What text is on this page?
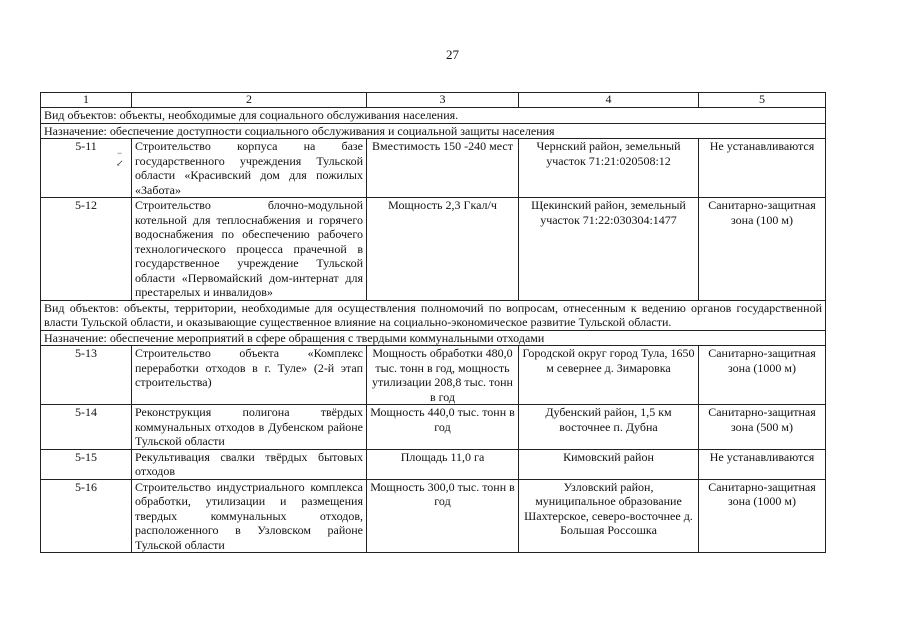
27
−
↙
1	2	3	4	5
Вид объектов: объекты, необходимые для социального обслуживания населения.				
Назначение: обеспечение доступности социального обслуживания и социальной защиты населения				
5-11	Строительство корпуса на базе государственного учреждения Тульской области «Красивский дом для пожилых «Забота»	Вместимость 150 -240 мест	Чернский район, земельный участок 71:21:020508:12	Не устанавливаются
5-12	Строительство блочно-модульной котельной для теплоснабжения и горячего водоснабжения по обеспечению рабочего технологического процесса прачечной в государственное учреждение Тульской области «Первомайский дом-интернат для престарелых и инвалидов»	Мощность 2,3 Гкал/ч	Щекинский район, земельный участок 71:22:030304:1477	Санитарно-защитная зона (100 м)
Вид объектов: объекты, территории, необходимые для осуществления полномочий по вопросам, отнесенным к ведению органов государственной власти Тульской области, и оказывающие существенное влияние на социально-экономическое развитие Тульской области.				
Назначение: обеспечение мероприятий в сфере обращения с твердыми коммунальными отходами				
5-13	Строительство объекта «Комплекс переработки отходов в г. Туле» (2-й этап строительства)	Мощность обработки 480,0 тыс. тонн в год, мощность утилизации 208,8 тыс. тонн в год	Городской округ город Тула, 1650 м севернее д. Зимаровка	Санитарно-защитная зона (1000 м)
5-14	Реконструкция полигона твёрдых коммунальных отходов в Дубенском районе Тульской области	Мощность 440,0 тыс. тонн в год	Дубенский район, 1,5 км восточнее п. Дубна	Санитарно-защитная зона (500 м)
5-15	Рекультивация свалки твёрдых бытовых отходов	Площадь 11,0 га	Кимовский район	Не устанавливаются
5-16	Строительство индустриального комплекса обработки, утилизации и размещения твердых коммунальных отходов, расположенного в Узловском районе Тульской области	Мощность 300,0 тыс. тонн в год	Узловский район, муниципальное образование Шахтерское, северо-восточнее д. Большая Россошка	Санитарно-защитная зона (1000 м)
